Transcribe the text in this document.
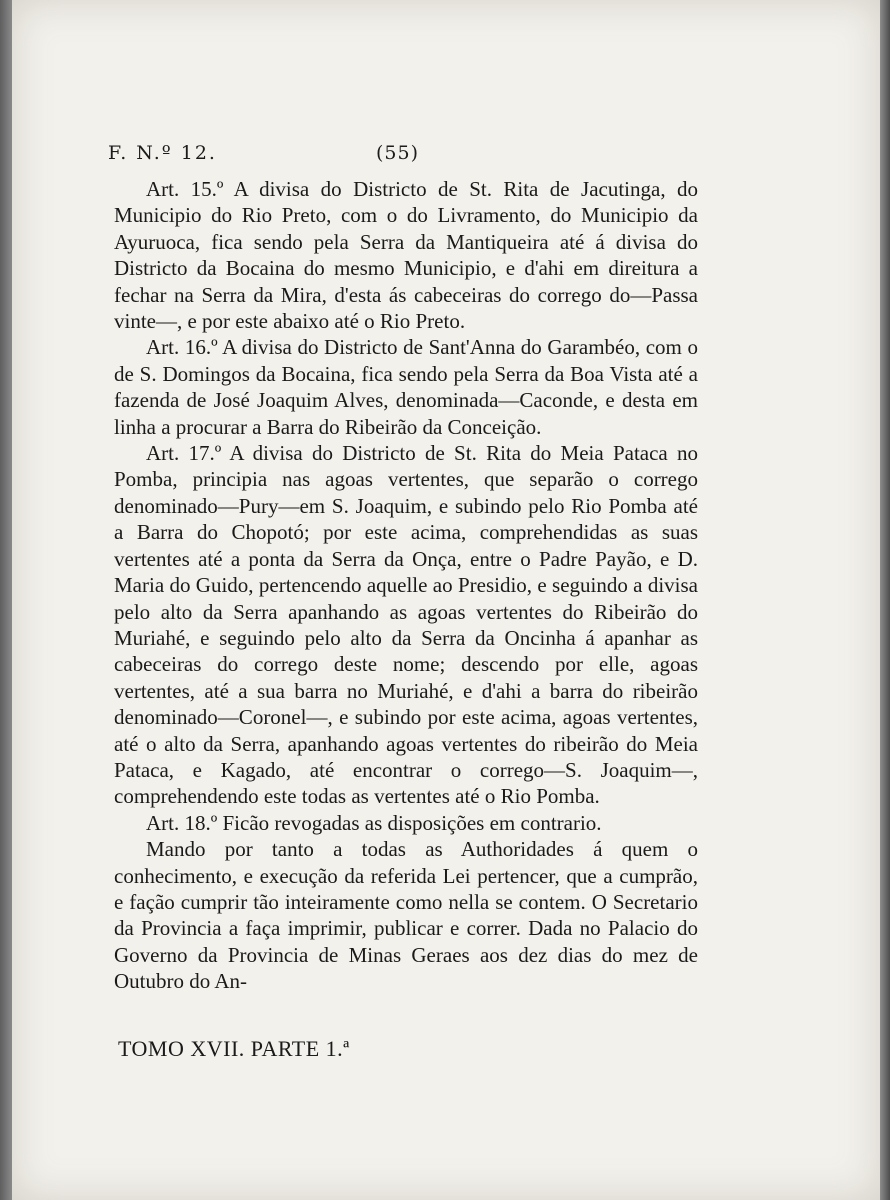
F. N.º 12.	(55)

Art. 15.º A divisa do Districto de St. Rita de Jacutinga, do Municipio do Rio Preto, com o do Livramento, do Municipio da Ayuruoca, fica sendo pela Serra da Mantiqueira até á divisa do Districto da Bocaina do mesmo Municipio, e d'ahi em direitura a fechar na Serra da Mira, d'esta ás cabeceiras do corrego do—Passa vinte—, e por este abaixo até o Rio Preto.

Art. 16.º A divisa do Districto de Sant'Anna do Garambéo, com o de S. Domingos da Bocaina, fica sendo pela Serra da Boa Vista até a fazenda de José Joaquim Alves, denominada—Caconde, e desta em linha a procurar a Barra do Ribeirão da Conceição.

Art. 17.º A divisa do Districto de St. Rita do Meia Pataca no Pomba, principia nas agoas vertentes, que separão o corrego denominado—Pury—em S. Joaquim, e subindo pelo Rio Pomba até a Barra do Chopotó; por este acima, comprehendidas as suas vertentes até a ponta da Serra da Onça, entre o Padre Payão, e D. Maria do Guido, pertencendo aquelle ao Presidio, e seguindo a divisa pelo alto da Serra apanhando as agoas vertentes do Ribeirão do Muriahé, e seguindo pelo alto da Serra da Oncinha á apanhar as cabeceiras do corrego deste nome; descendo por elle, agoas vertentes, até a sua barra no Muriahé, e d'ahi a barra do ribeirão denominado—Coronel—, e subindo por este acima, agoas vertentes, até o alto da Serra, apanhando agoas vertentes do ribeirão do Meia Pataca, e Kagado, até encontrar o corrego—S. Joaquim—, comprehendendo este todas as vertentes até o Rio Pomba.

Art. 18.º Ficão revogadas as disposições em contrario.

Mando por tanto a todas as Authoridades á quem o conhecimento, e execução da referida Lei pertencer, que a cumprão, e fação cumprir tão inteiramente como nella se contem. O Secretario da Provincia a faça imprimir, publicar e correr. Dada no Palacio do Governo da Provincia de Minas Geraes aos dez dias do mez de Outubro do An-

TOMO XVII. PARTE 1.ª
